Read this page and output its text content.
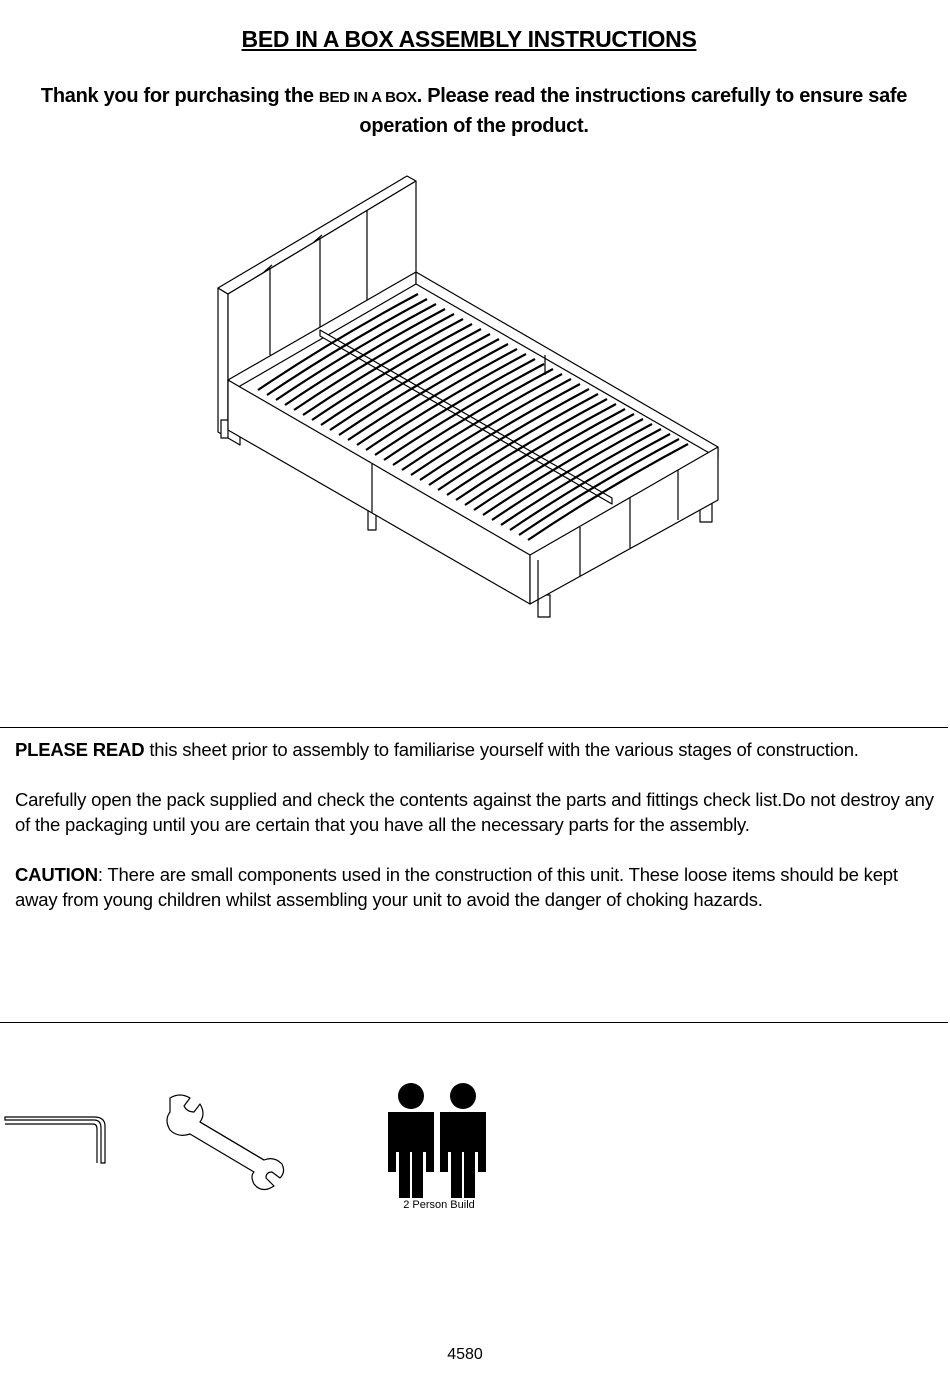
BED IN A BOX ASSEMBLY INSTRUCTIONS
Thank you for purchasing the BED IN A BOX. Please read the instructions carefully to ensure safe operation of the product.

PLEASE READ this sheet prior to assembly to familiarise yourself with the various stages of construction.

Carefully open the pack supplied and check the contents against the parts and fittings check list.Do not destroy any of the packaging until you are certain that you have all the necessary parts for the assembly.

CAUTION: There are small components used in the construction of this unit. These loose items should be kept away from young children whilst assembling your unit to avoid the danger of choking hazards.

2 Person Build
4580
